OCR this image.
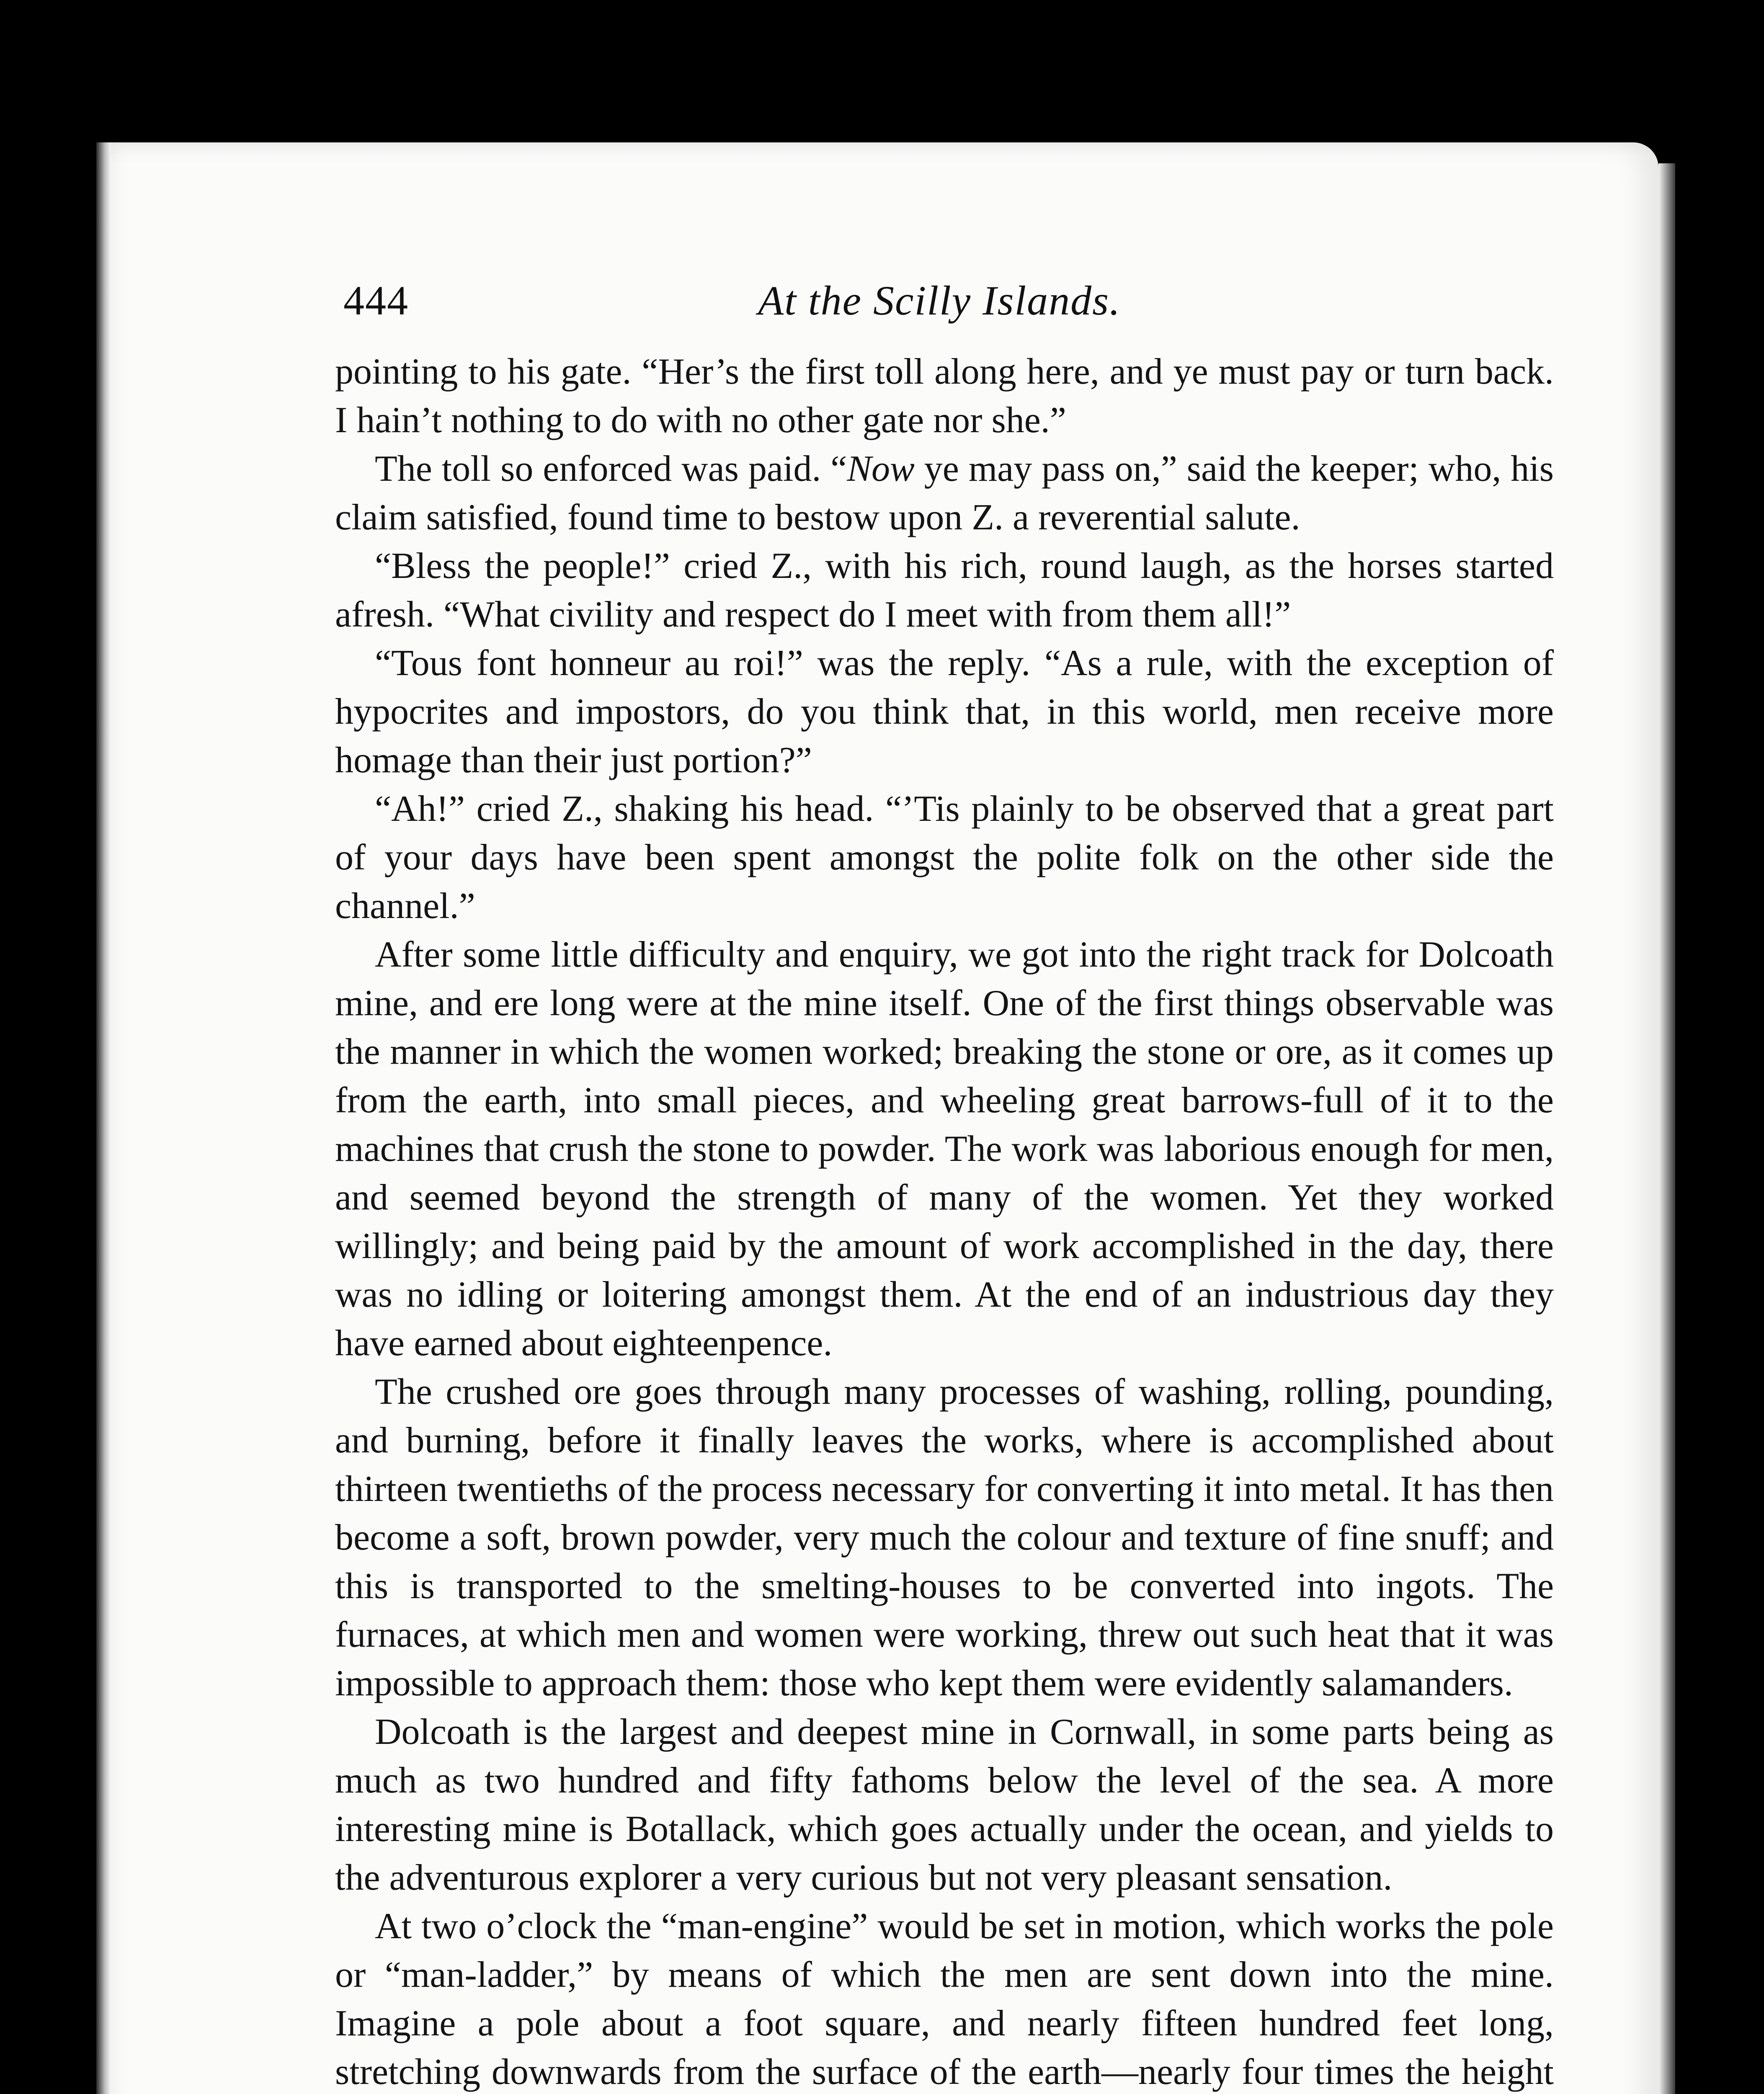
444	At the Scilly Islands.

pointing to his gate. “Her’s the first toll along here, and ye must pay or turn back. I hain’t nothing to do with no other gate nor she.”

The toll so enforced was paid. “Now ye may pass on,” said the keeper; who, his claim satisfied, found time to bestow upon Z. a reverential salute.

“Bless the people!” cried Z., with his rich, round laugh, as the horses started afresh. “What civility and respect do I meet with from them all!”

“Tous font honneur au roi!” was the reply. “As a rule, with the exception of hypocrites and impostors, do you think that, in this world, men receive more homage than their just portion?”

“Ah!” cried Z., shaking his head. “’Tis plainly to be observed that a great part of your days have been spent amongst the polite folk on the other side the channel.”

After some little difficulty and enquiry, we got into the right track for Dolcoath mine, and ere long were at the mine itself. One of the first things observable was the manner in which the women worked; breaking the stone or ore, as it comes up from the earth, into small pieces, and wheeling great barrows-full of it to the machines that crush the stone to powder. The work was laborious enough for men, and seemed beyond the strength of many of the women. Yet they worked willingly; and being paid by the amount of work accomplished in the day, there was no idling or loitering amongst them. At the end of an industrious day they have earned about eighteenpence.

The crushed ore goes through many processes of washing, rolling, pounding, and burning, before it finally leaves the works, where is accomplished about thirteen twentieths of the process necessary for converting it into metal. It has then become a soft, brown powder, very much the colour and texture of fine snuff; and this is transported to the smelting-houses to be converted into ingots. The furnaces, at which men and women were working, threw out such heat that it was impossible to approach them: those who kept them were evidently salamanders.

Dolcoath is the largest and deepest mine in Cornwall, in some parts being as much as two hundred and fifty fathoms below the level of the sea. A more interesting mine is Botallack, which goes actually under the ocean, and yields to the adventurous explorer a very curious but not very pleasant sensation.

At two o’clock the “man-engine” would be set in motion, which works the pole or “man-ladder,” by means of which the men are sent down into the mine. Imagine a pole about a foot square, and nearly fifteen hundred feet long, stretching downwards from the surface of the earth—nearly four times the height
